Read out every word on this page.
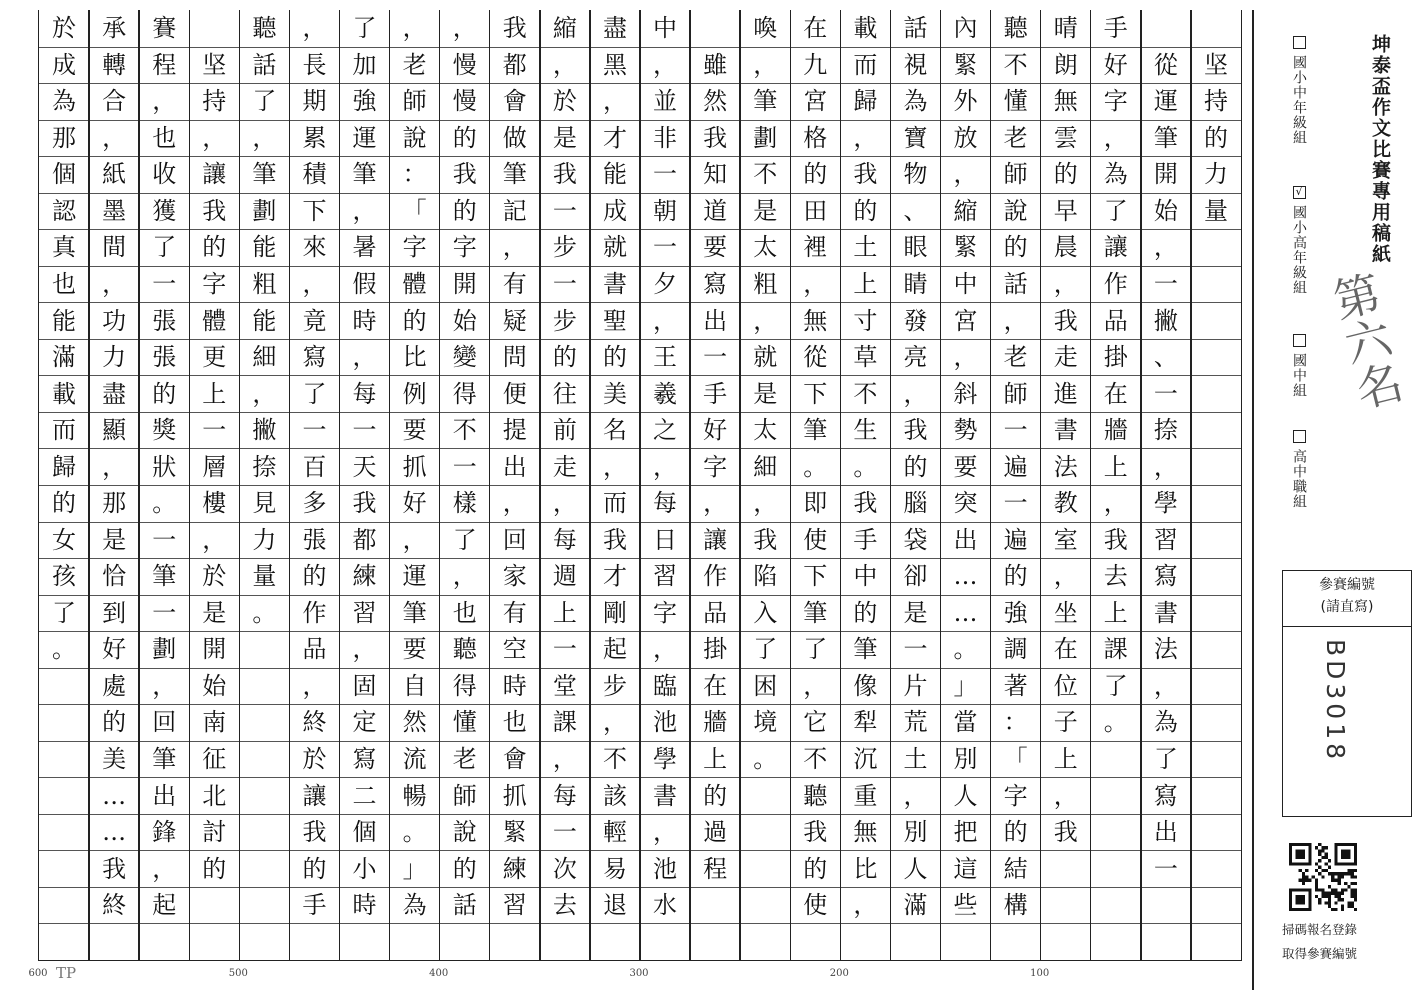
坚
持
的
力
量
從
運
筆
開
始
，
一
撇
、
一
捺
，
學
習
寫
書
法
，
為
了
寫
出
一
手
好
字
，
為
了
讓
作
品
掛
在
牆
上
，
我
去
上
課
了
。
晴
朗
無
雲
的
早
晨
，
我
走
進
書
法
教
室
，
坐
在
位
子
上
，
我
聽
不
懂
老
師
說
的
話
，
老
師
一
遍
一
遍
的
強
調
著
：
「
字
的
結
構
內
緊
外
放
，
縮
緊
中
宮
，
斜
勢
要
突
出
…
…
。
」
當
別
人
把
這
些
話
視
為
寶
物
、
眼
睛
發
亮
，
我
的
腦
袋
卻
是
一
片
荒
土
，
別
人
滿
載
而
歸
，
我
的
土
上
寸
草
不
生
。
我
手
中
的
筆
像
犁
沉
重
無
比
，
在
九
宮
格
的
田
裡
，
無
從
下
筆
。
即
使
下
筆
了
，
它
不
聽
我
的
使
喚
，
筆
劃
不
是
太
粗
，
就
是
太
細
，
我
陷
入
了
困
境
。
雖
然
我
知
道
要
寫
出
一
手
好
字
，
讓
作
品
掛
在
牆
上
的
過
程
中
，
並
非
一
朝
一
夕
，
王
羲
之
，
每
日
習
字
，
臨
池
學
書
，
池
水
盡
黑
，
才
能
成
就
書
聖
的
美
名
，
而
我
才
剛
起
步
，
不
該
輕
易
退
縮
，
於
是
我
一
步
一
步
的
往
前
走
，
每
週
上
一
堂
課
，
每
一
次
去
我
都
會
做
筆
記
，
有
疑
問
便
提
出
，
回
家
有
空
時
也
會
抓
緊
練
習
，
慢
慢
的
我
的
字
開
始
變
得
不
一
樣
了
，
也
聽
得
懂
老
師
說
的
話
，
老
師
說
：
「
字
體
的
比
例
要
抓
好
，
運
筆
要
自
然
流
暢
。
」
為
了
加
強
運
筆
，
暑
假
時
，
每
一
天
我
都
練
習
，
固
定
寫
二
個
小
時
，
長
期
累
積
下
來
，
竟
寫
了
一
百
多
張
的
作
品
，
終
於
讓
我
的
手
聽
話
了
，
筆
劃
能
粗
能
細
，
撇
捺
見
力
量
。
坚
持
，
讓
我
的
字
體
更
上
一
層
樓
，
於
是
開
始
南
征
北
討
的
賽
程
，
也
收
獲
了
一
張
張
的
獎
狀
。
一
筆
一
劃
，
回
筆
出
鋒
，
起
承
轉
合
，
紙
墨
間
，
功
力
盡
顯
，
那
是
恰
到
好
處
的
美
…
…
我
終
於
成
為
那
個
認
真
也
能
滿
載
而
歸
的
女
孩
了
。
100
200
300
400
500
600
坤泰盃作文比賽專用稿紙
國小中年級組
√
國小高年級組
國中組
高中職組
第六名
參賽編號
(請直寫)
BD3018
掃碼報名登錄
取得參賽編號
TP
